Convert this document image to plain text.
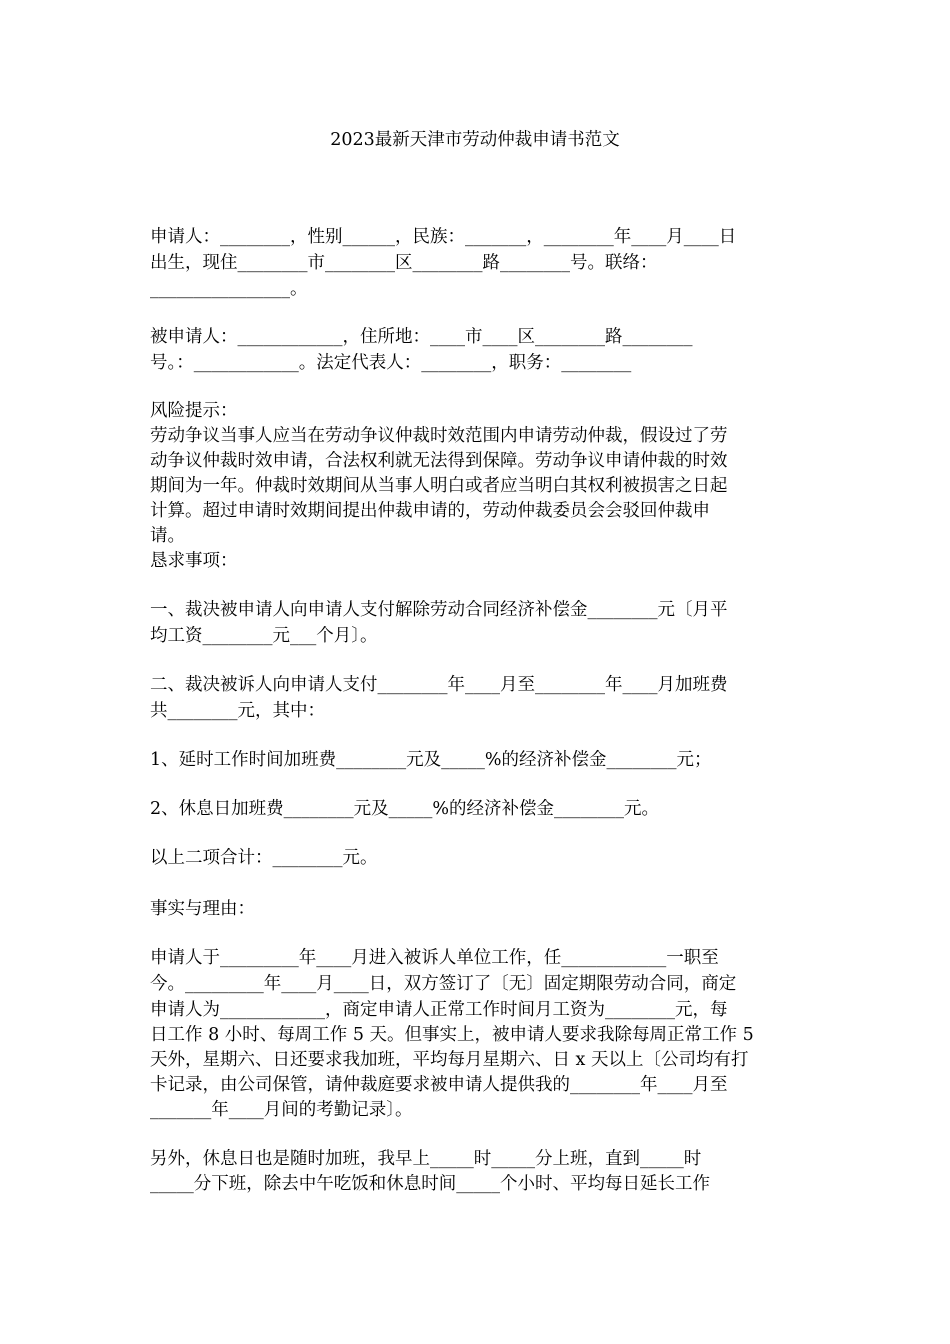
2023最新天津市劳动仲裁申请书范文
申请人：________，性别______，民族：_______，________年____月____日
出生，现住________市________区________路________号。联络：
________________。
被申请人：____________，住所地：____市____区________路________
号。：____________。法定代表人：________，职务：________
风险提示：
劳动争议当事人应当在劳动争议仲裁时效范围内申请劳动仲裁，假设过了劳
动争议仲裁时效申请，合法权利就无法得到保障。劳动争议申请仲裁的时效
期间为一年。仲裁时效期间从当事人明白或者应当明白其权利被损害之日起
计算。超过申请时效期间提出仲裁申请的，劳动仲裁委员会会驳回仲裁申
请。
恳求事项：
一、裁决被申请人向申请人支付解除劳动合同经济补偿金________元〔月平
均工资________元___个月〕。
二、裁决被诉人向申请人支付________年____月至________年____月加班费
共________元，其中：
1、延时工作时间加班费________元及_____%的经济补偿金________元；
2、休息日加班费________元及_____%的经济补偿金________元。
以上二项合计：________元。
事实与理由：
申请人于_________年____月进入被诉人单位工作，任____________一职至
今。_________年____月____日，双方签订了〔无〕固定期限劳动合同，商定
申请人为____________，商定申请人正常工作时间月工资为________元，每
日工作 8 小时、每周工作 5 天。但事实上，被申请人要求我除每周正常工作 5
天外，星期六、日还要求我加班，平均每月星期六、日 x 天以上〔公司均有打
卡记录，由公司保管，请仲裁庭要求被申请人提供我的________年____月至
_______年____月间的考勤记录〕。
另外，休息日也是随时加班，我早上_____时_____分上班，直到_____时
_____分下班，除去中午吃饭和休息时间_____个小时、平均每日延长工作
